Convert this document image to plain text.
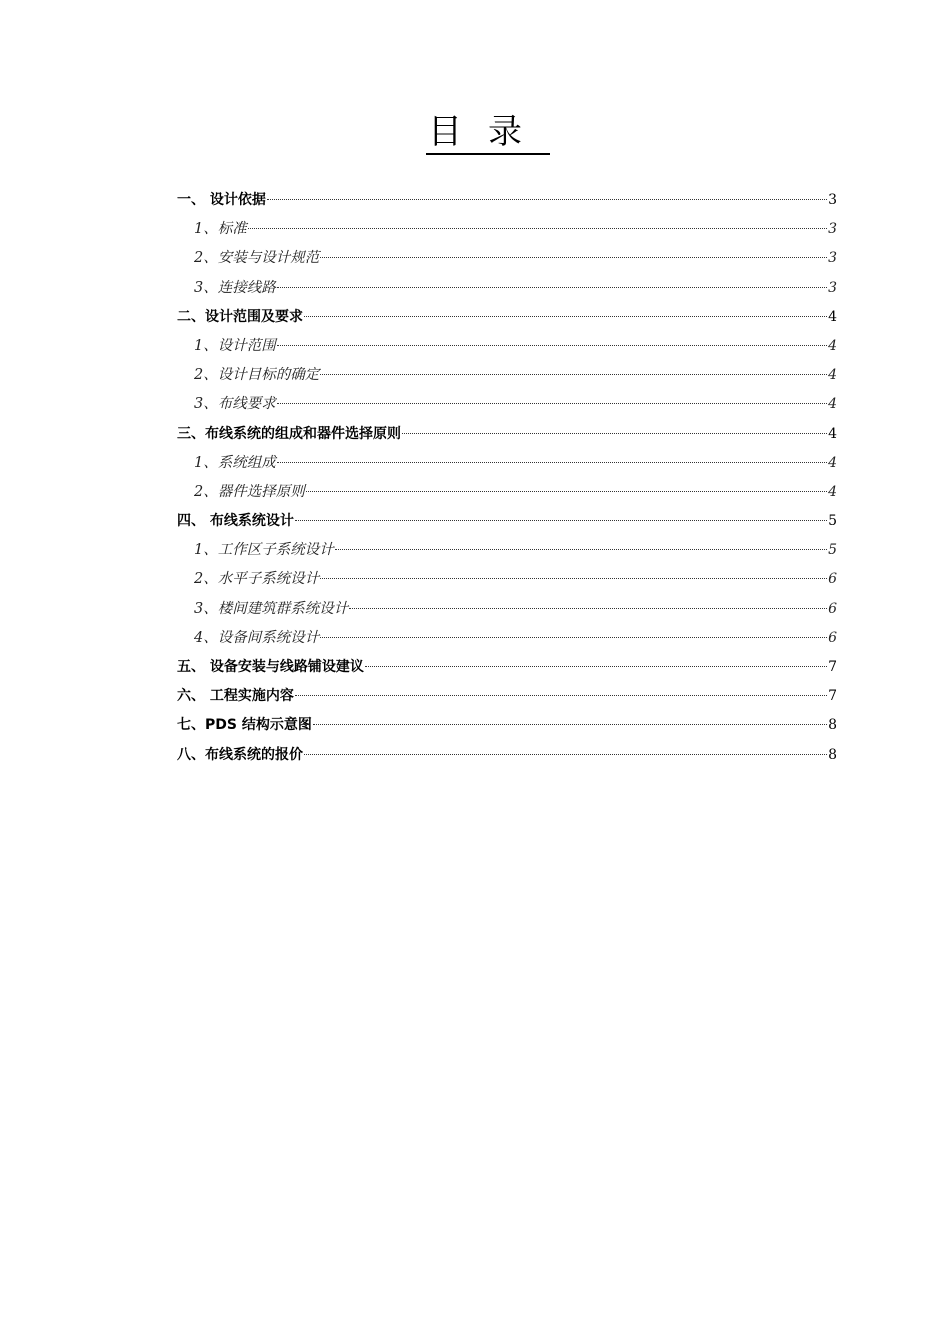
目录
一、 设计依据	3
1、标准	3
2、安装与设计规范	3
3、连接线路	3
二、设计范围及要求	4
1、设计范围	4
2、设计目标的确定	4
3、布线要求	4
三、布线系统的组成和器件选择原则	4
1、系统组成	4
2、器件选择原则	4
四、 布线系统设计	5
1、工作区子系统设计	5
2、水平子系统设计	6
3、楼间建筑群系统设计	6
4、设备间系统设计	6
五、 设备安装与线路铺设建议	7
六、 工程实施内容	7
七、PDS 结构示意图	8
八、布线系统的报价	8
